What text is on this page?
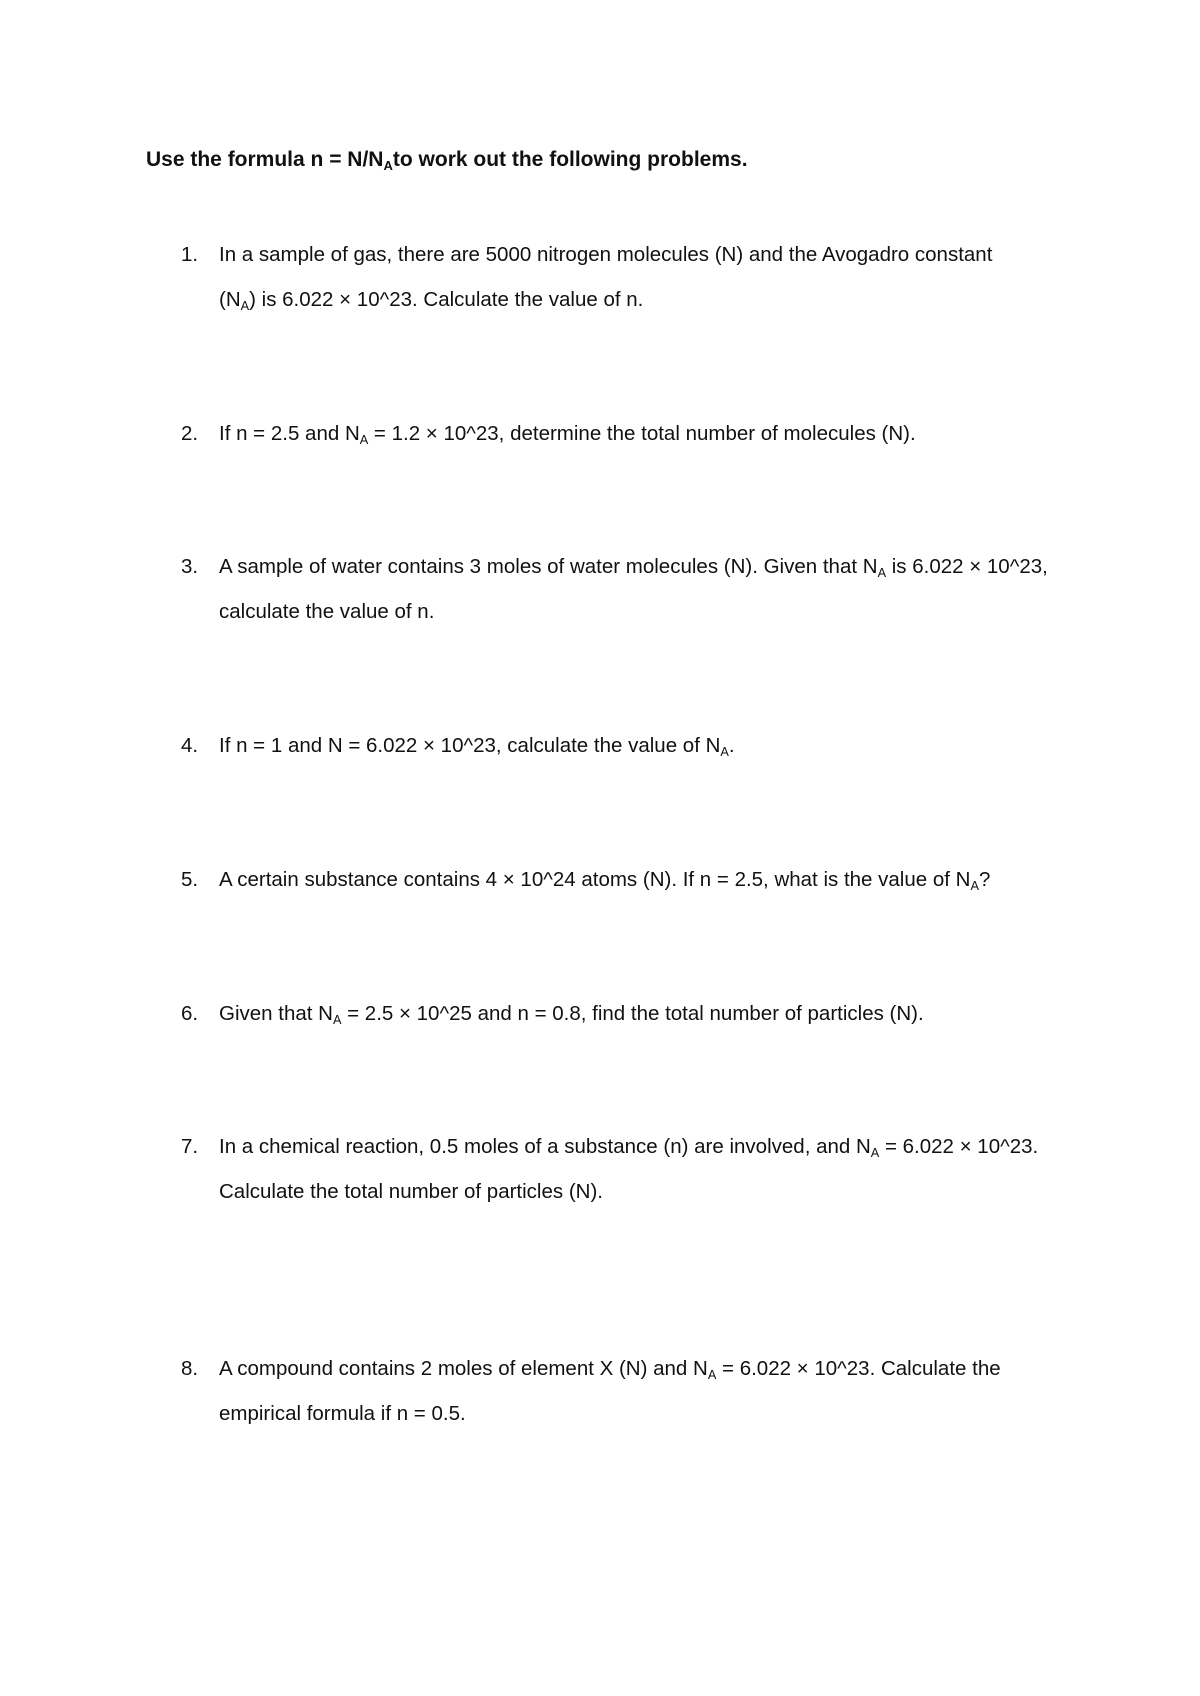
Use the formula $n = N/N_Ato$ work out the following problems.
1.	In a sample of gas, there are 5000 nitrogen molecules (N) and the Avogadro constant
$(N_A)$ is 6.022 × 10^23. Calculate the value of n.
2.	If n = 2.5 and $N_A = 1.2$ × 10^23, determine the total number of molecules (N).
3.	A sample of water contains 3 moles of water molecules (N). Given that $N_A$ is 6.022 × 10^23, calculate the value of n.
4.	If n = 1 and N = 6.022 × 10^23, calculate the value of $N_A$.
5.	A certain substance contains 4 × 10^24 atoms (N). If n = 2.5, what is the value of $N_A$?
6.	Given that $N_A = 2.5$ × 10^25 and n = 0.8, find the total number of particles (N).
7.	In a chemical reaction, 0.5 moles of a substance (n) are involved, and $N_A = 6.022$ × 10^23. Calculate the total number of particles (N).
8.	A compound contains 2 moles of element X (N) and $N_A = 6.022$ × 10^23. Calculate the empirical formula if n = 0.5.
